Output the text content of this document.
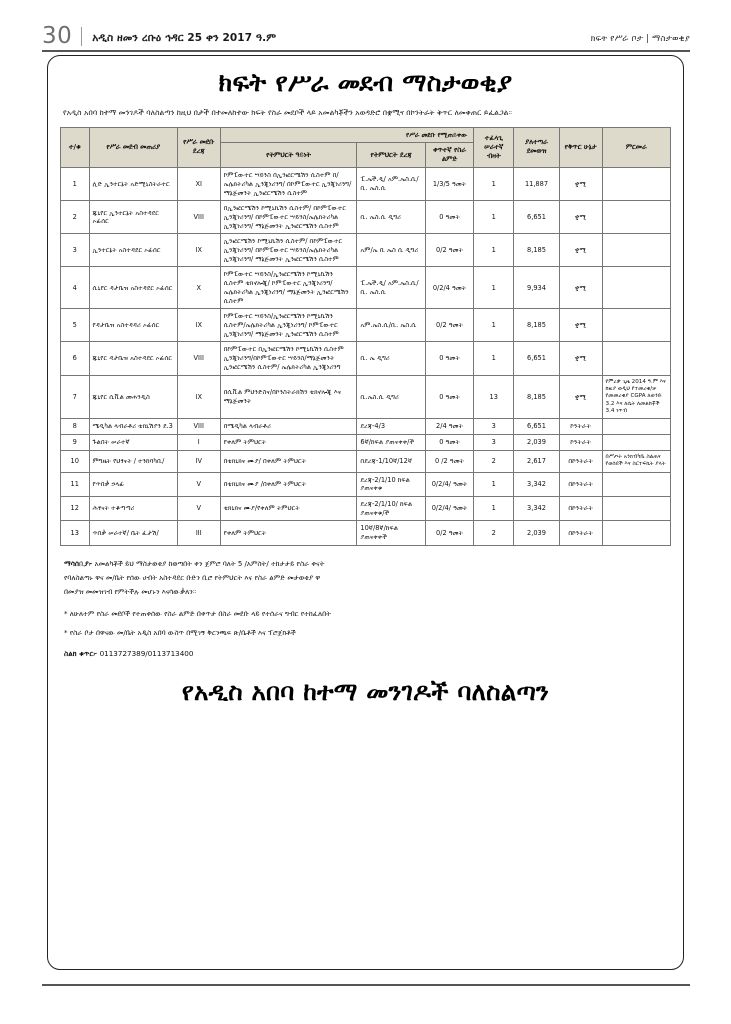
30	አዲስ ዘመን ረቡዕ ኅዳር 25 ቀን 2017 ዓ.ም	ክፍት የሥራ ቦታ | ማስታወቂያ
ክፍት የሥራ መደብ ማስታወቂያ
የአዲስ አበባ ከተማ መንገዶች ባለስልጣን ከዚህ በታች በተመለከተው ክፍት የስራ መደቦች ላይ አመልካቾችን አወዳድሮ በቋሚና በኮንትራት ቅጥር ለመቀጠር ይፈልጋል።
ተ/ቁ	የሥራ መደብ መጠሪያ	የሥራ መደቡ ደረጃ	የሥራ መደቡ የሚጠይቀው			ተፈላጊ ሠራተኛ ብዛት	ያለተጣራ ደመወዝ	የቅጥር ሁኔታ	ምርመራ
			የትምህርት ዓይነት	የትምህርት ደረጃ	ቀጥተኛ የስራ ልምድ				
1	ሊድ ኢንተርኔት አድሚኒስትራተር	XI	ኮምፒውተር ሣይንስ በኢንፎርሜሽን ሲስተም በ/ኤሌክትሪካል ኢንጂነሪንግ/ በኮምፒውተር ኢንጂነሪንግ/ ማኔጅመንት ኢንፎርሜሽን ሲስተም	ፒ.ኤች.ዲ/ አም.ኤስ.ሲ/ቢ. ኤስ.ሲ	1/3/5 ዓመት	1	11,887	ቋሚ	
2	ጁኒየር ኢንተርኔት አስተዳደር ኦፊሰር	VIII	በኢንፎርሜሽን ኮሚኒኬሽን ሲስተም/ በኮምፒውተር ኢንጂነሪንግ/ በኮምፒውተር ሣይንስ/ኤሌክትሪካል ኢንጂነሪንግ/ ማኔጅመንት ኢንፎርሜሽን ሲስተም	ቢ. ኤስ.ሲ ዲግሪ	0 ዓመት	1	6,651	ቋሚ	
3	ኢንተርኔት አስተዳደር ኦፊሰር	IX	ኢንፎርሜሽን ኮሚኒኬሽን ሲስተም/ በኮምፒውተር ኢንጂነሪንግ/ በኮምፒውተር ሣይንስ/ኤሌክትሪካል ኢንጂነሪንግ/ ማኔጅመንት ኢንፎርሜሽን ሲስተም	አም/ኤ ቢ ኤስ ሲ ዲግሪ	0/2 ዓመት	1	8,185	ቋሚ	
4	ሲኒየር ዳታቤዝ አስተዳደር ኦፊሰር	X	ኮምፒውተር ሣይንስ/ኢንፎርሜሽን ኮሚኒኬሽን ሲስተም ቴክኖሎጂ/ ኮምፒውተር ኢንጂነሪንግ/ኤሌክትሪካል ኢንጂነሪንግ/ ማኔጅመንት ኢንፎርሜሽን ሲስተም	ፒ.ኤች.ዲ/ አም.ኤስ.ሲ/ቢ. ኤስ.ሲ	0/2/4 ዓመት	1	9,934	ቋሚ	
5	የዳታቤዝ አስተዳዳሪ ኦፊሰር	IX	ኮምፒውተር ሣይንስ/ኢንፎርሜሽን ኮሚኒኬሽን ሲስተም/ኤሌክትሪካል ኢንጂነሪንግ/ ኮምፒውተር ኢንጂነሪንግ/ ማኔጅመንት ኢንፎርሜሽን ሲስተም	አም.ኤስ.ሲ/ቢ. ኤስ.ሲ	0/2 ዓመት	1	8,185	ቋሚ	
6	ጁኒየር ዳታቤዝ አስተዳደር ኦፊሰር	VIII	በኮምፒውተር በኢንፎርሜሽን ኮሚኒኬሽን ሲስተም ኢንጂነሪንግ/በኮምፒውተር ሣይንስ/ማኔጅመንት ኢንፎርሜሽን ሲስተም/ ኤሌክትሪካል ኢንጂነሪንግ	ቢ. ኤ ዲግሪ	0 ዓመት	1	6,651	ቋሚ	
7	ጁኒየር ሲቪል መሐንዲስ	IX	በሲቪል ምህንድስና/በኮንስትራክሽን ቴክኖሎጂ እና ማኔጅመንት	ቢ.ኤስ.ሲ ዲግሪ	0 ዓመት	13	8,185	ቋሚ	የምረቃ ጊዜ 2014 ዓ.ም እና ከዚያ ወዲህ የተመረቁ/ቻ የመመረቂያ CGPA ለወንድ 3.2 እና ለሴት ለመልከቾች 3.4 ነጥብ
8	ሜዲካል ላብራቶሪ ቴክኒሽያን ደ.3	VIII	በሜዲካል ላብራቶሪ	ደረጃ-4/3	2/4 ዓመት	3	6,651	ኮንትራት	
9	ጉልበት ሠራተኛ	I	የቀለም ትምህርት	6ኛ/ከፍል ያጠናቀቀ/ች	0 ዓመት	3	2,039	ኮንትራት	
10	ምግዜት የህፃናት / ተንከባካቢ/	IV	በቴክኒክና ሙያ/ በቀለም ትምህርት	በደረጃ-1/10ኛ/12ኛ	0 /2 ዓመት	2	2,617	በኮንትራት	በሥጦት አንክብካቤ ስልጠና የወሰደች እና ስርተፍኬት ያላት
11	የጥበቃ ኃላፊ	V	በቴክኒክና ሙያ /በቀለም ትምህርት	ደረጃ-2/1/10 ከፍል ያጠናቀቁ	0/2/4/ ዓመት	1	3,342	በኮንትራት	
12	ሕፃናት ተቆጣጣሪ	V	ቴክኒክና ሙያ/የቀለም ትምህርት	ደረጃ-2/1/10/ ከፍል ያጠናቀቁ/ች	0/2/4/ ዓመት	1	3,342	በኮንትራት	
13	ጥበቃ ሠራተኛ/ ቤት ፈታሽ/	III	የቀለም ትምህርት	10ኛ/8ኛ/ከፍል ያጠናቀቀች	0/2 ዓመት	2	2,039	በኮንትራት	
ማሳሰቢያ፦ አመልካቾች ይህ ማስታወቂያ ከወጣበት ቀን ጀምሮ ባለት 5 /አምስት/ ተከታታይ የስራ ቀናት
የባለስልጣኑ ዋና መ/ቤት የሰው ሀብት አስተዳደር ቡድን ቢሮ የትምህርት እና የስራ ልምድ መታወቂያ ዋ
በመያዝ መመዝገብ የምትችሉ መሆኑን እናሳውቃለን።
* ለሁለተም የስራ መደቦች የተጠቀሰው የስራ ልምድ በቀጥታ በስራ መደቡ ላይ የተሰራና ግብር የተከፈለበት
* የስራ ቦታ በዋናው መ/ቤት አዲስ አበባ ውስጥ በሚገኝ ቅርንጫፍ ጽ/ቤቶች እና ፕሮጀክቶች
ስልክ ቁጥር፦ 0113727389/0113713400
የአዲስ አበባ ከተማ መንገዶች ባለስልጣን
